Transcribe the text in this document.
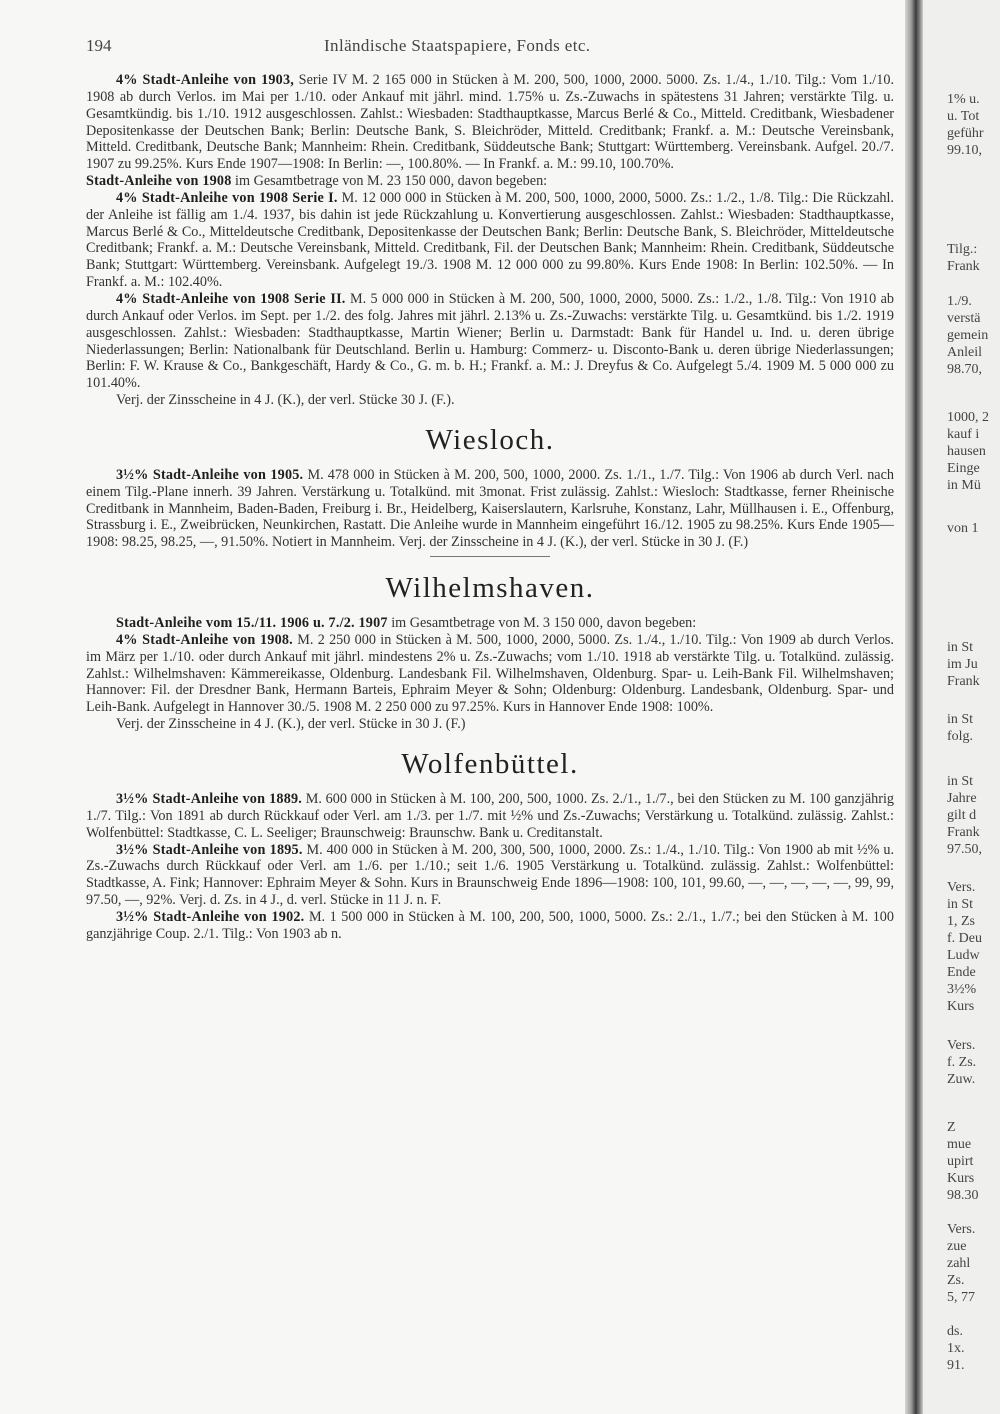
194	Inländische Staatspapiere, Fonds etc.

4% Stadt-Anleihe von 1903, Serie IV M. 2 165 000 in Stücken à M. 200, 500, 1000, 2000. 5000. Zs. 1./4., 1./10. Tilg.: Vom 1./10. 1908 ab durch Verlos. im Mai per 1./10. oder Ankauf mit jährl. mind. 1.75% u. Zs.-Zuwachs in spätestens 31 Jahren; verstärkte Tilg. u. Gesamtkündig. bis 1./10. 1912 ausgeschlossen. Zahlst.: Wiesbaden: Stadthauptkasse, Marcus Berlé & Co., Mitteld. Creditbank, Wiesbadener Depositenkasse der Deutschen Bank; Berlin: Deutsche Bank, S. Bleichröder, Mitteld. Creditbank; Frankf. a. M.: Deutsche Vereinsbank, Mitteld. Creditbank, Deutsche Bank; Mannheim: Rhein. Creditbank, Süddeutsche Bank; Stuttgart: Württemberg. Vereinsbank. Aufgel. 20./7. 1907 zu 99.25%. Kurs Ende 1907—1908: In Berlin: —, 100.80%. — In Frankf. a. M.: 99.10, 100.70%.

Stadt-Anleihe von 1908 im Gesamtbetrage von M. 23 150 000, davon begeben:

4% Stadt-Anleihe von 1908 Serie I. M. 12 000 000 in Stücken à M. 200, 500, 1000, 2000, 5000. Zs.: 1./2., 1./8. Tilg.: Die Rückzahl. der Anleihe ist fällig am 1./4. 1937, bis dahin ist jede Rückzahlung u. Konvertierung ausgeschlossen. Zahlst.: Wiesbaden: Stadthauptkasse, Marcus Berlé & Co., Mitteldeutsche Creditbank, Depositenkasse der Deutschen Bank; Berlin: Deutsche Bank, S. Bleichröder, Mitteldeutsche Creditbank; Frankf. a. M.: Deutsche Vereinsbank, Mitteld. Creditbank, Fil. der Deutschen Bank; Mannheim: Rhein. Creditbank, Süddeutsche Bank; Stuttgart: Württemberg. Vereinsbank. Aufgelegt 19./3. 1908 M. 12 000 000 zu 99.80%. Kurs Ende 1908: In Berlin: 102.50%. — In Frankf. a. M.: 102.40%.

4% Stadt-Anleihe von 1908 Serie II. M. 5 000 000 in Stücken à M. 200, 500, 1000, 2000, 5000. Zs.: 1./2., 1./8. Tilg.: Von 1910 ab durch Ankauf oder Verlos. im Sept. per 1./2. des folg. Jahres mit jährl. 2.13% u. Zs.-Zuwachs: verstärkte Tilg. u. Gesamtkünd. bis 1./2. 1919 ausgeschlossen. Zahlst.: Wiesbaden: Stadthauptkasse, Martin Wiener; Berlin u. Darmstadt: Bank für Handel u. Ind. u. deren übrige Niederlassungen; Berlin: Nationalbank für Deutschland. Berlin u. Hamburg: Commerz- u. Disconto-Bank u. deren übrige Niederlassungen; Berlin: F. W. Krause & Co., Bankgeschäft, Hardy & Co., G. m. b. H.; Frankf. a. M.: J. Dreyfus & Co. Aufgelegt 5./4. 1909 M. 5 000 000 zu 101.40%.

Verj. der Zinsscheine in 4 J. (K.), der verl. Stücke 30 J. (F.).

Wiesloch.

3½% Stadt-Anleihe von 1905. M. 478 000 in Stücken à M. 200, 500, 1000, 2000. Zs. 1./1., 1./7. Tilg.: Von 1906 ab durch Verl. nach einem Tilg.-Plane innerh. 39 Jahren. Verstärkung u. Totalkünd. mit 3monat. Frist zulässig. Zahlst.: Wiesloch: Stadtkasse, ferner Rheinische Creditbank in Mannheim, Baden-Baden, Freiburg i. Br., Heidelberg, Kaiserslautern, Karlsruhe, Konstanz, Lahr, Müllhausen i. E., Offenburg, Strassburg i. E., Zweibrücken, Neunkirchen, Rastatt. Die Anleihe wurde in Mannheim eingeführt 16./12. 1905 zu 98.25%. Kurs Ende 1905—1908: 98.25, 98.25, —, 91.50%. Notiert in Mannheim. Verj. der Zinsscheine in 4 J. (K.), der verl. Stücke in 30 J. (F.)

Wilhelmshaven.

Stadt-Anleihe vom 15./11. 1906 u. 7./2. 1907 im Gesamtbetrage von M. 3 150 000, davon begeben:

4% Stadt-Anleihe von 1908. M. 2 250 000 in Stücken à M. 500, 1000, 2000, 5000. Zs. 1./4., 1./10. Tilg.: Von 1909 ab durch Verlos. im März per 1./10. oder durch Ankauf mit jährl. mindestens 2% u. Zs.-Zuwachs; vom 1./10. 1918 ab verstärkte Tilg. u. Totalkünd. zulässig. Zahlst.: Wilhelmshaven: Kämmereikasse, Oldenburg. Landesbank Fil. Wilhelmshaven, Oldenburg. Spar- u. Leih-Bank Fil. Wilhelmshaven; Hannover: Fil. der Dresdner Bank, Hermann Barteis, Ephraim Meyer & Sohn; Oldenburg: Oldenburg. Landesbank, Oldenburg. Spar- und Leih-Bank. Aufgelegt in Hannover 30./5. 1908 M. 2 250 000 zu 97.25%. Kurs in Hannover Ende 1908: 100%.

Verj. der Zinsscheine in 4 J. (K.), der verl. Stücke in 30 J. (F.)

Wolfenbüttel.

3½% Stadt-Anleihe von 1889. M. 600 000 in Stücken à M. 100, 200, 500, 1000. Zs. 2./1., 1./7., bei den Stücken zu M. 100 ganzjährig 1./7. Tilg.: Von 1891 ab durch Rückkauf oder Verl. am 1./3. per 1./7. mit ½% und Zs.-Zuwachs; Verstärkung u. Totalkünd. zulässig. Zahlst.: Wolfenbüttel: Stadtkasse, C. L. Seeliger; Braunschweig: Braunschw. Bank u. Creditanstalt.

3½% Stadt-Anleihe von 1895. M. 400 000 in Stücken à M. 200, 300, 500, 1000, 2000. Zs.: 1./4., 1./10. Tilg.: Von 1900 ab mit ½% u. Zs.-Zuwachs durch Rückkauf oder Verl. am 1./6. per 1./10.; seit 1./6. 1905 Verstärkung u. Totalkünd. zulässig. Zahlst.: Wolfenbüttel: Stadtkasse, A. Fink; Hannover: Ephraim Meyer & Sohn. Kurs in Braunschweig Ende 1896—1908: 100, 101, 99.60, —, —, —, —, —, 99, 99, 97.50, —, 92%. Verj. d. Zs. in 4 J., d. verl. Stücke in 11 J. n. F.

3½% Stadt-Anleihe von 1902. M. 1 500 000 in Stücken à M. 100, 200, 500, 1000, 5000. Zs.: 2./1., 1./7.; bei den Stücken à M. 100 ganzjährige Coup. 2./1. Tilg.: Von 1903 ab n.

1% u.
u. Tot
geführ
99.10,
Tilg.:
Frank
1./9.
verstä
gemein
Anleil
98.70,
1000, 2
kauf i
hausen
Einge
in Mü
von 1
in St
im Ju
Frank
in St
folg.
in St
Jahre
gilt d
Frank
97.50,
Vers.
in St
1, Zs
f. Deu
Ludw
Ende
3½%
Kurs
Vers.
f. Zs.
Zuw.
Z
mue
upirt
Kurs
98.30
Vers.
zue
zahl
Zs.
5, 77
ds.
1x.
91.
